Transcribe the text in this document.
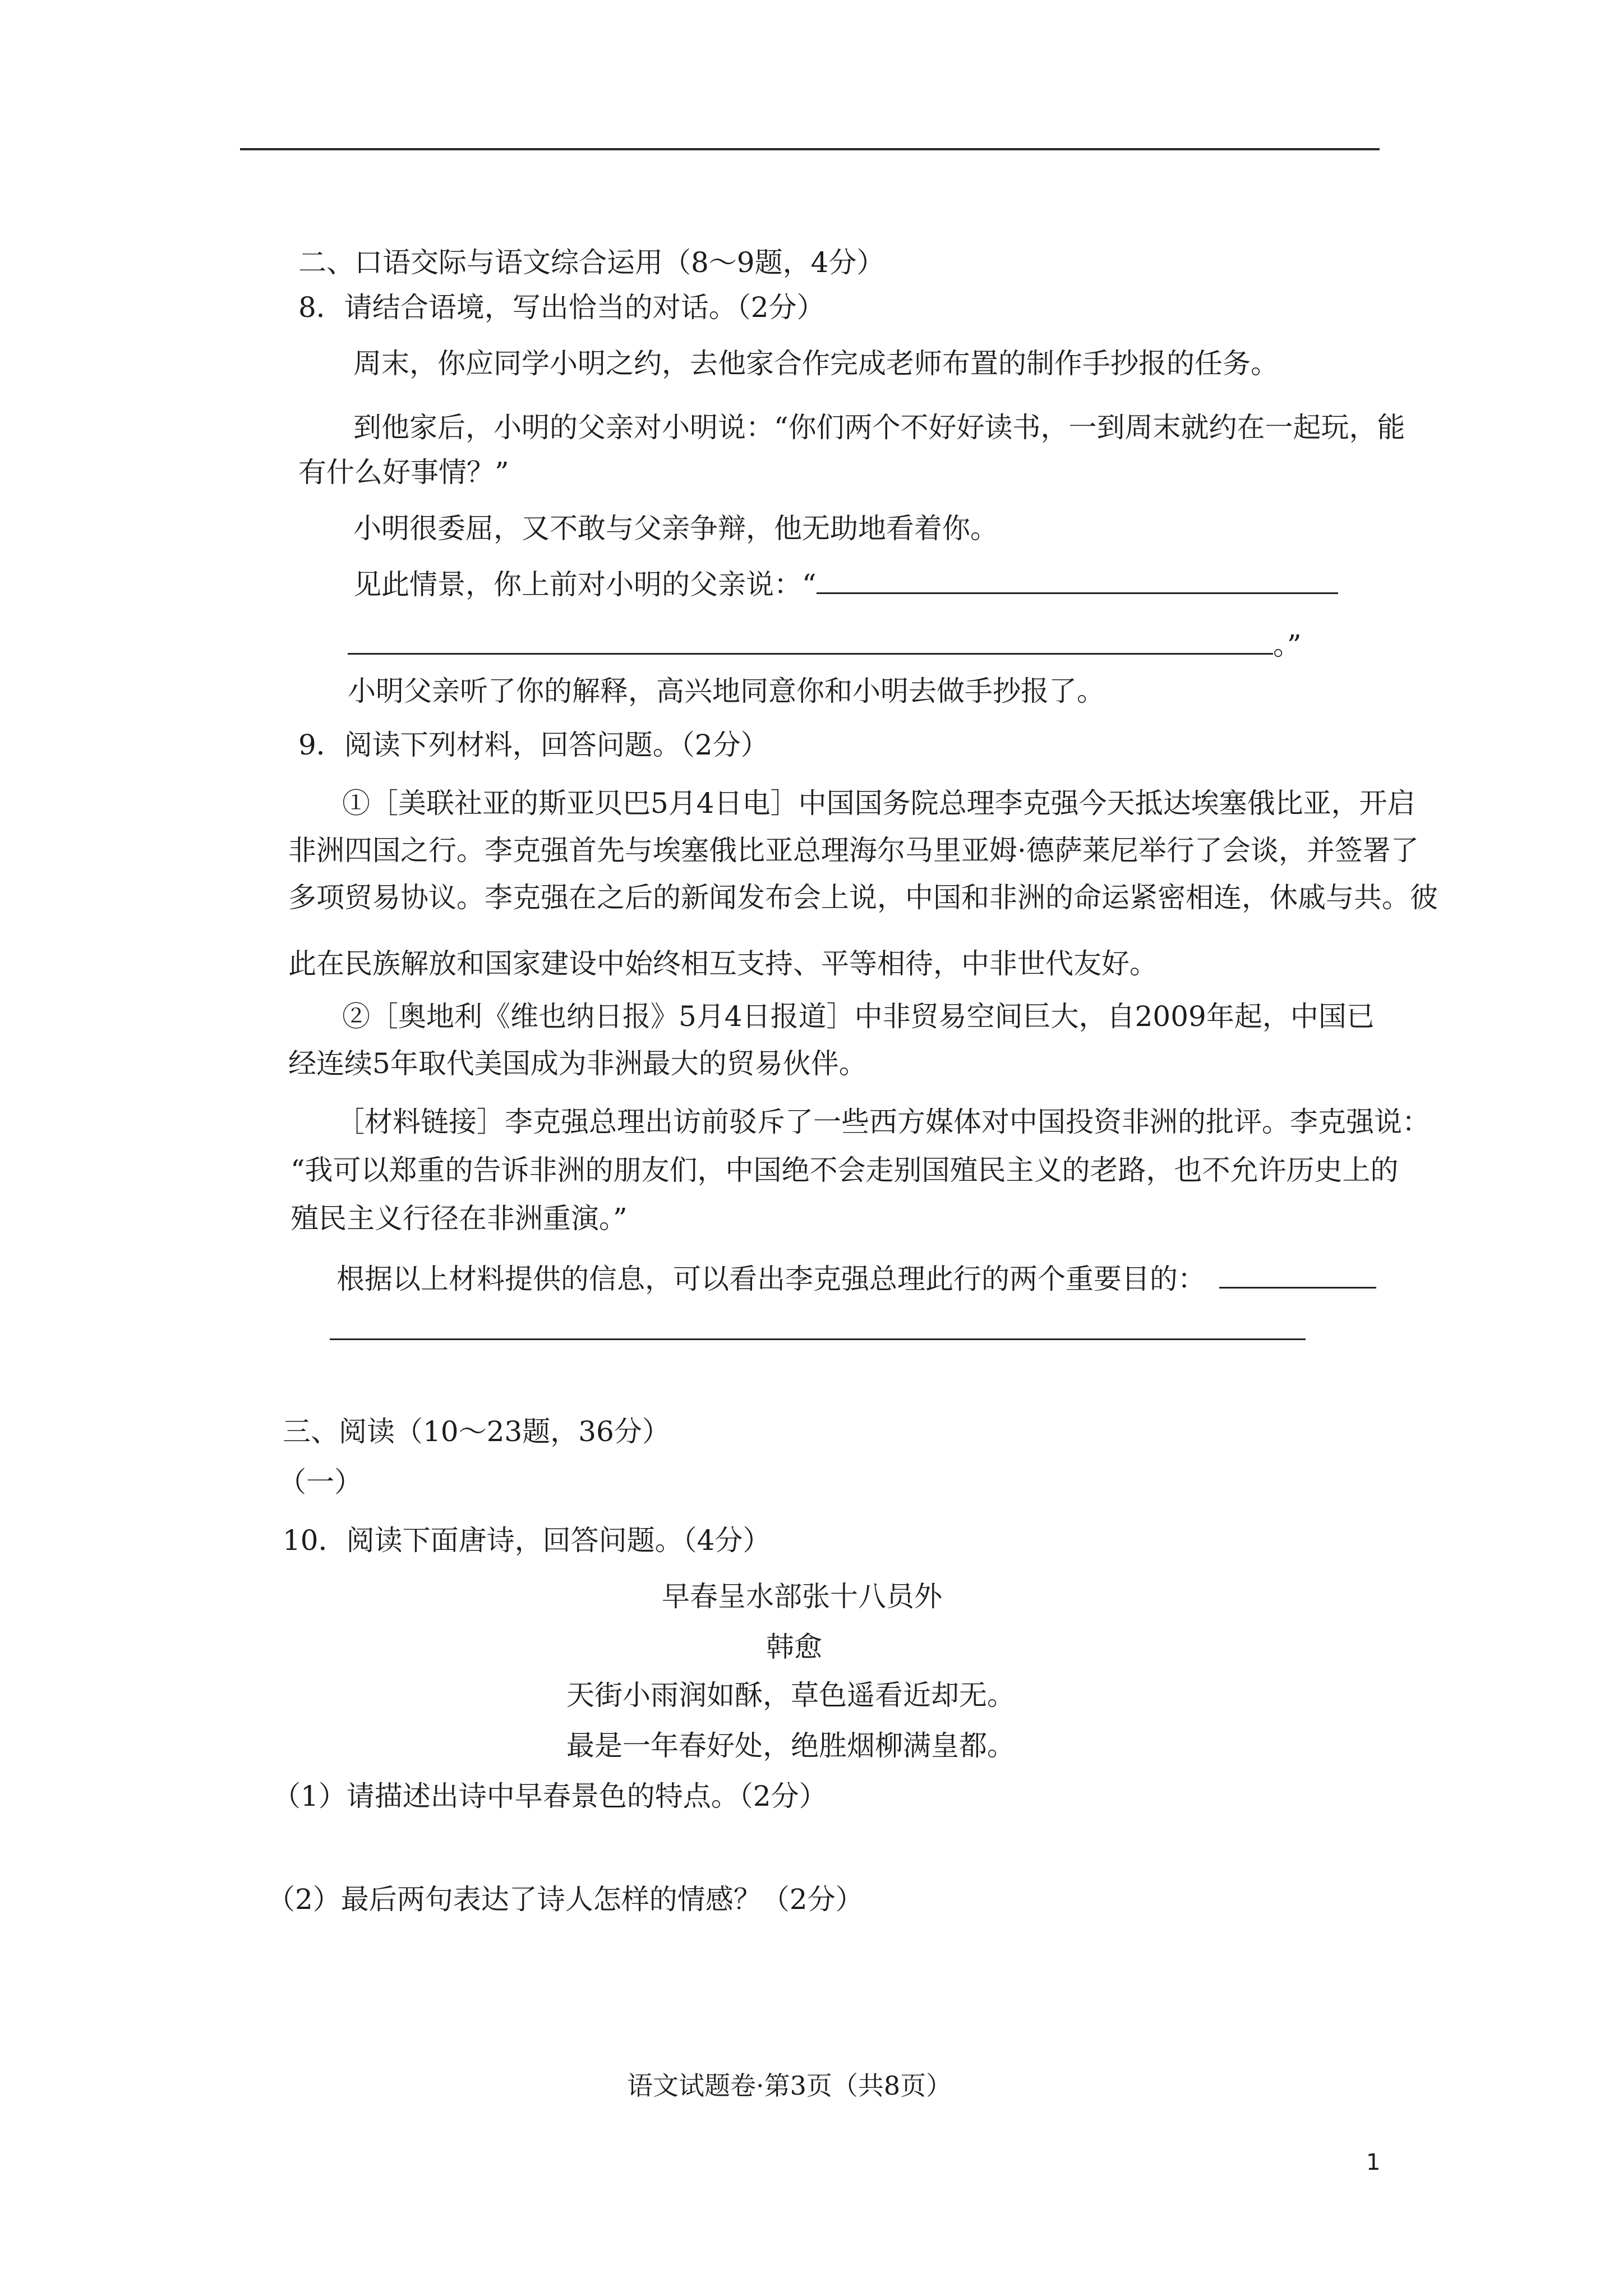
二、口语交际与语文综合运用（8～9题，4分）
8．请结合语境，写出恰当的对话。（2分）
周末，你应同学小明之约，去他家合作完成老师布置的制作手抄报的任务。
到他家后，小明的父亲对小明说：“你们两个不好好读书，一到周末就约在一起玩，能
有什么好事情？”
小明很委屈，又不敢与父亲争辩，他无助地看着你。
见此情景，你上前对小明的父亲说：“
。”
小明父亲听了你的解释，高兴地同意你和小明去做手抄报了。
9．阅读下列材料，回答问题。（2分）
①［美联社亚的斯亚贝巴5月4日电］中国国务院总理李克强今天抵达埃塞俄比亚，开启
非洲四国之行。李克强首先与埃塞俄比亚总理海尔马里亚姆·德萨莱尼举行了会谈，并签署了
多项贸易协议。李克强在之后的新闻发布会上说，中国和非洲的命运紧密相连，休戚与共。彼
此在民族解放和国家建设中始终相互支持、平等相待，中非世代友好。
②［奥地利《维也纳日报》5月4日报道］中非贸易空间巨大，自2009年起，中国已
经连续5年取代美国成为非洲最大的贸易伙伴。
［材料链接］李克强总理出访前驳斥了一些西方媒体对中国投资非洲的批评。李克强说：
“我可以郑重的告诉非洲的朋友们，中国绝不会走别国殖民主义的老路，也不允许历史上的
殖民主义行径在非洲重演。”
根据以上材料提供的信息，可以看出李克强总理此行的两个重要目的：
三、阅读（10～23题，36分）
（一）
10．阅读下面唐诗，回答问题。（4分）
早春呈水部张十八员外
韩愈
天街小雨润如酥，草色遥看近却无。
最是一年春好处，绝胜烟柳满皇都。
（1）请描述出诗中早春景色的特点。（2分）
（2）最后两句表达了诗人怎样的情感？（2分）
语文试题卷·第3页（共8页）
1
